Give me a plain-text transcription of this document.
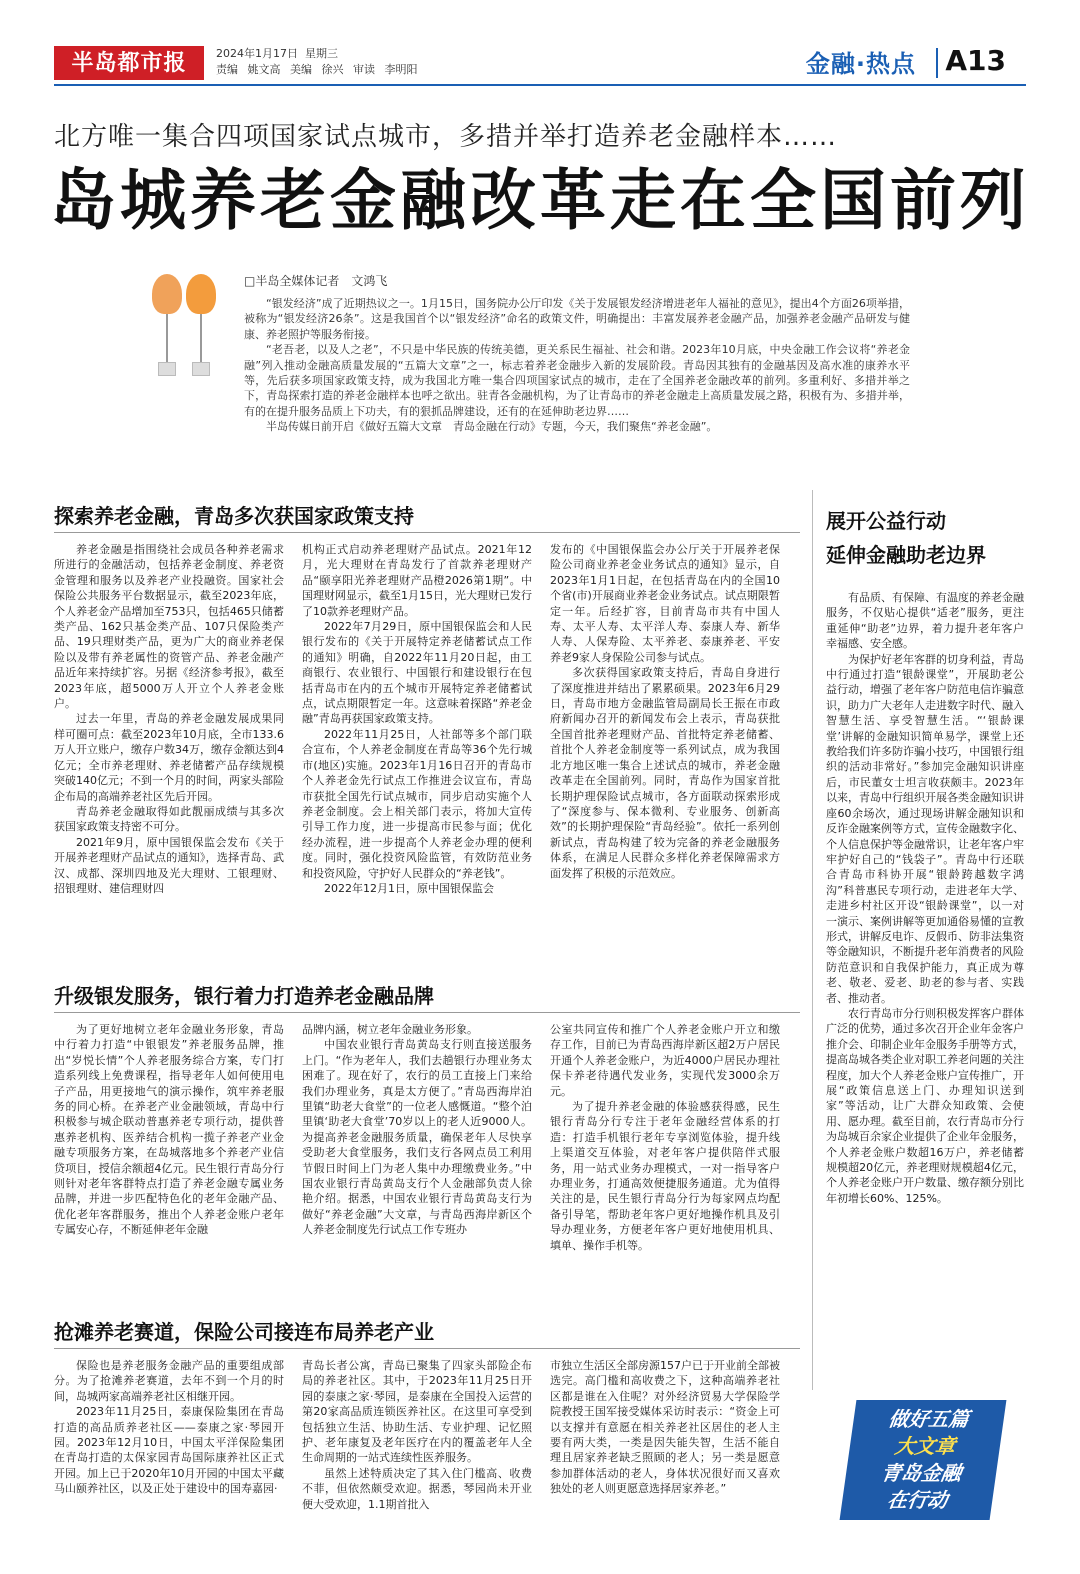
半岛都市报	2024年1月17日 星期三
责编 姚文高 美编 徐兴 审读 李明阳	金融·热点 A13
北方唯一集合四项国家试点城市，多措并举打造养老金融样本……
岛城养老金融改革走在全国前列
□半岛全媒体记者　文鸿飞

“银发经济”成了近期热议之一。1月15日，国务院办公厅印发《关于发展银发经济增进老年人福祉的意见》，提出4个方面26项举措，被称为“银发经济26条”。这是我国首个以“银发经济”命名的政策文件，明确提出：丰富发展养老金融产品，加强养老金融产品研发与健康、养老照护等服务衔接。

“老吾老，以及人之老”，不只是中华民族的传统美德，更关系民生福祉、社会和谐。2023年10月底，中央金融工作会议将“养老金融”列入推动金融高质量发展的“五篇大文章”之一，标志着养老金融步入新的发展阶段。青岛因其独有的金融基因及高水准的康养水平等，先后获多项国家政策支持，成为我国北方唯一集合四项国家试点的城市，走在了全国养老金融改革的前列。多重利好、多措并举之下，青岛探索打造的养老金融样本也呼之欲出。驻青各金融机构，为了让青岛市的养老金融走上高质量发展之路，积极有为、多措并举，有的在提升服务品质上下功夫，有的狠抓品牌建设，还有的在延伸助老边界……

半岛传媒日前开启《做好五篇大文章　青岛金融在行动》专题，今天，我们聚焦“养老金融”。

探索养老金融，青岛多次获国家政策支持

养老金融是指围绕社会成员各种养老需求所进行的金融活动，包括养老金制度、养老资金管理和服务以及养老产业投融资。国家社会保险公共服务平台数据显示，截至2023年底，个人养老金产品增加至753只，包括465只储蓄类产品、162只基金类产品、107只保险类产品、19只理财类产品，更为广大的商业养老保险以及带有养老属性的资管产品、养老金融产品近年来持续扩容。另据《经济参考报》，截至2023年底，超5000万人开立个人养老金账户。

过去一年里，青岛的养老金融发展成果同样可圈可点：截至2023年10月底，全市133.6万人开立账户，缴存户数34万，缴存金额达到4亿元；全市养老理财、养老储蓄产品存续规模突破140亿元；不到一个月的时间，两家头部险企布局的高端养老社区先后开园。

青岛养老金融取得如此靓丽成绩与其多次获国家政策支持密不可分。

2021年9月，原中国银保监会发布《关于开展养老理财产品试点的通知》，选择青岛、武汉、成都、深圳四地及光大理财、工银理财、招银理财、建信理财四

机构正式启动养老理财产品试点。2021年12月，光大理财在青岛发行了首款养老理财产品“颐享阳光养老理财产品橙2026第1期”。中国理财网显示，截至1月15日，光大理财已发行了10款养老理财产品。

2022年7月29日，原中国银保监会和人民银行发布的《关于开展特定养老储蓄试点工作的通知》明确，自2022年11月20日起，由工商银行、农业银行、中国银行和建设银行在包括青岛市在内的五个城市开展特定养老储蓄试点，试点期限暂定一年。这意味着探路“养老金融”青岛再获国家政策支持。

2022年11月25日，人社部等多个部门联合宣布，个人养老金制度在青岛等36个先行城市(地区)实施。2023年1月16日召开的青岛市个人养老金先行试点工作推进会议宣布，青岛市获批全国先行试点城市，同步启动实施个人养老金制度。会上相关部门表示，将加大宣传引导工作力度，进一步提高市民参与面；优化经办流程，进一步提高个人养老金办理的便利度。同时，强化投资风险监管，有效防范业务和投资风险，守护好人民群众的“养老钱”。

2022年12月1日，原中国银保监会

发布的《中国银保监会办公厅关于开展养老保险公司商业养老金业务试点的通知》显示，自2023年1月1日起，在包括青岛在内的全国10个省(市)开展商业养老金业务试点。试点期限暂定一年。后经扩容，目前青岛市共有中国人寿、太平人寿、太平洋人寿、泰康人寿、新华人寿、人保寿险、太平养老、泰康养老、平安养老9家人身保险公司参与试点。

多次获得国家政策支持后，青岛自身进行了深度推进并结出了累累硕果。2023年6月29日，青岛市地方金融监管局副局长王振在市政府新闻办召开的新闻发布会上表示，青岛获批全国首批养老理财产品、首批特定养老储蓄、首批个人养老金制度等一系列试点，成为我国北方地区唯一集合上述试点的城市，养老金融改革走在全国前列。同时，青岛作为国家首批长期护理保险试点城市，各方面联动探索形成了“深度参与、保本微利、专业服务、创新高效”的长期护理保险“青岛经验”。依托一系列创新试点，青岛构建了较为完备的养老金融服务体系，在满足人民群众多样化养老保障需求方面发挥了积极的示范效应。

升级银发服务，银行着力打造养老金融品牌

为了更好地树立老年金融业务形象，青岛中行着力打造“中银银发”养老服务品牌，推出“岁悦长情”个人养老服务综合方案，专门打造系列线上免费课程，指导老年人如何使用电子产品，用更接地气的演示操作，筑牢养老服务的同心桥。在养老产业金融领域，青岛中行积极参与城企联动普惠养老专项行动，提供普惠养老机构、医养结合机构一揽子养老产业金融专项服务方案，在岛城落地多个养老产业信贷项目，授信余额超4亿元。民生银行青岛分行则针对老年客群特点打造了养老金融专属业务品牌，并进一步匹配特色化的老年金融产品、优化老年客群服务，推出个人养老金账户老年专属安心存，不断延伸老年金融

品牌内涵，树立老年金融业务形象。

中国农业银行青岛黄岛支行则直接送服务上门。“作为老年人，我们去趟银行办理业务太困难了。现在好了，农行的员工直接上门来给我们办理业务，真是太方便了。”青岛西海岸泊里镇“助老大食堂”的一位老人感慨道。“整个泊里镇‘助老大食堂’70岁以上的老人近9000人。为提高养老金融服务质量，确保老年人尽快享受助老大食堂服务，我们支行各网点员工利用节假日时间上门为老人集中办理缴费业务。”中国农业银行青岛黄岛支行个人金融部负责人徐艳介绍。据悉，中国农业银行青岛黄岛支行为做好“养老金融”大文章，与青岛西海岸新区个人养老金制度先行试点工作专班办

公室共同宣传和推广个人养老金账户开立和缴存工作，目前已为青岛西海岸新区超2万户居民开通个人养老金账户，为近4000户居民办理社保卡养老待遇代发业务，实现代发3000余万元。

为了提升养老金融的体验感获得感，民生银行青岛分行专注于老年金融经营体系的打造：打造手机银行老年专享浏览体验，提升线上渠道交互体验，对老年客户提供陪伴式服务，用一站式业务办理模式，一对一指导客户办理业务，打通高效便捷服务通道。尤为值得关注的是，民生银行青岛分行为每家网点均配备引导笔，帮助老年客户更好地操作机具及引导办理业务，方便老年客户更好地使用机具、填单、操作手机等。

抢滩养老赛道，保险公司接连布局养老产业

保险也是养老服务金融产品的重要组成部分。为了抢滩养老赛道，去年不到一个月的时间，岛城两家高端养老社区相继开园。

2023年11月25日，泰康保险集团在青岛打造的高品质养老社区——泰康之家·琴园开园。2023年12月10日，中国太平洋保险集团在青岛打造的太保家园青岛国际康养社区正式开园。加上已于2020年10月开园的中国太平藏马山颐养社区，以及正处于建设中的国寿嘉园·

青岛长者公寓，青岛已聚集了四家头部险企布局的养老社区。其中，于2023年11月25日开园的泰康之家·琴园，是泰康在全国投入运营的第20家高品质连锁医养社区。在这里可享受到包括独立生活、协助生活、专业护理、记忆照护、老年康复及老年医疗在内的覆盖老年人全生命周期的一站式连续性医养服务。

虽然上述特质决定了其入住门槛高、收费不菲，但依然颇受欢迎。据悉，琴园尚未开业便大受欢迎，1.1期首批入

市独立生活区全部房源157户已于开业前全部被选完。高门槛和高收费之下，这种高端养老社区都是谁在入住呢？对外经济贸易大学保险学院教授王国军接受媒体采访时表示：“资金上可以支撑并有意愿在相关养老社区居住的老人主要有两大类，一类是因失能失智，生活不能自理且居家养老缺乏照顾的老人；另一类是愿意参加群体活动的老人，身体状况很好而又喜欢独处的老人则更愿意选择居家养老。”

展开公益行动
延伸金融助老边界

有品质、有保障、有温度的养老金融服务，不仅贴心提供“适老”服务，更注重延伸“助老”边界，着力提升老年客户幸福感、安全感。

为保护好老年客群的切身利益，青岛中行通过打造“银龄课堂”，开展助老公益行动，增强了老年客户防范电信诈骗意识，助力广大老年人走进数字时代、融入智慧生活、享受智慧生活。“‘银龄课堂’讲解的金融知识简单易学，课堂上还教给我们许多防诈骗小技巧，中国银行组织的活动非常好。”参加完金融知识讲座后，市民董女士坦言收获颇丰。2023年以来，青岛中行组织开展各类金融知识讲座60余场次，通过现场讲解金融知识和反诈金融案例等方式，宣传金融数字化、个人信息保护等金融常识，让老年客户牢牢护好自己的“钱袋子”。青岛中行还联合青岛市科协开展“银龄跨越数字鸿沟”科普惠民专项行动，走进老年大学、走进乡村社区开设“银龄课堂”，以一对一演示、案例讲解等更加通俗易懂的宣教形式，讲解反电诈、反假币、防非法集资等金融知识，不断提升老年消费者的风险防范意识和自我保护能力，真正成为尊老、敬老、爱老、助老的参与者、实践者、推动者。

农行青岛市分行则积极发挥客户群体广泛的优势，通过多次召开企业年金客户推介会、印制企业年金服务手册等方式，提高岛城各类企业对职工养老问题的关注程度，加大个人养老金账户宣传推广，开展“政策信息送上门、办理知识送到家”等活动，让广大群众知政策、会使用、愿办理。截至目前，农行青岛市分行为岛城百余家企业提供了企业年金服务，个人养老金账户数超16万户，养老储蓄规模超20亿元，养老理财规模超4亿元，个人养老金账户开户数量、缴存额分别比年初增长60%、125%。

做好五篇
大文章
青岛金融
在行动
